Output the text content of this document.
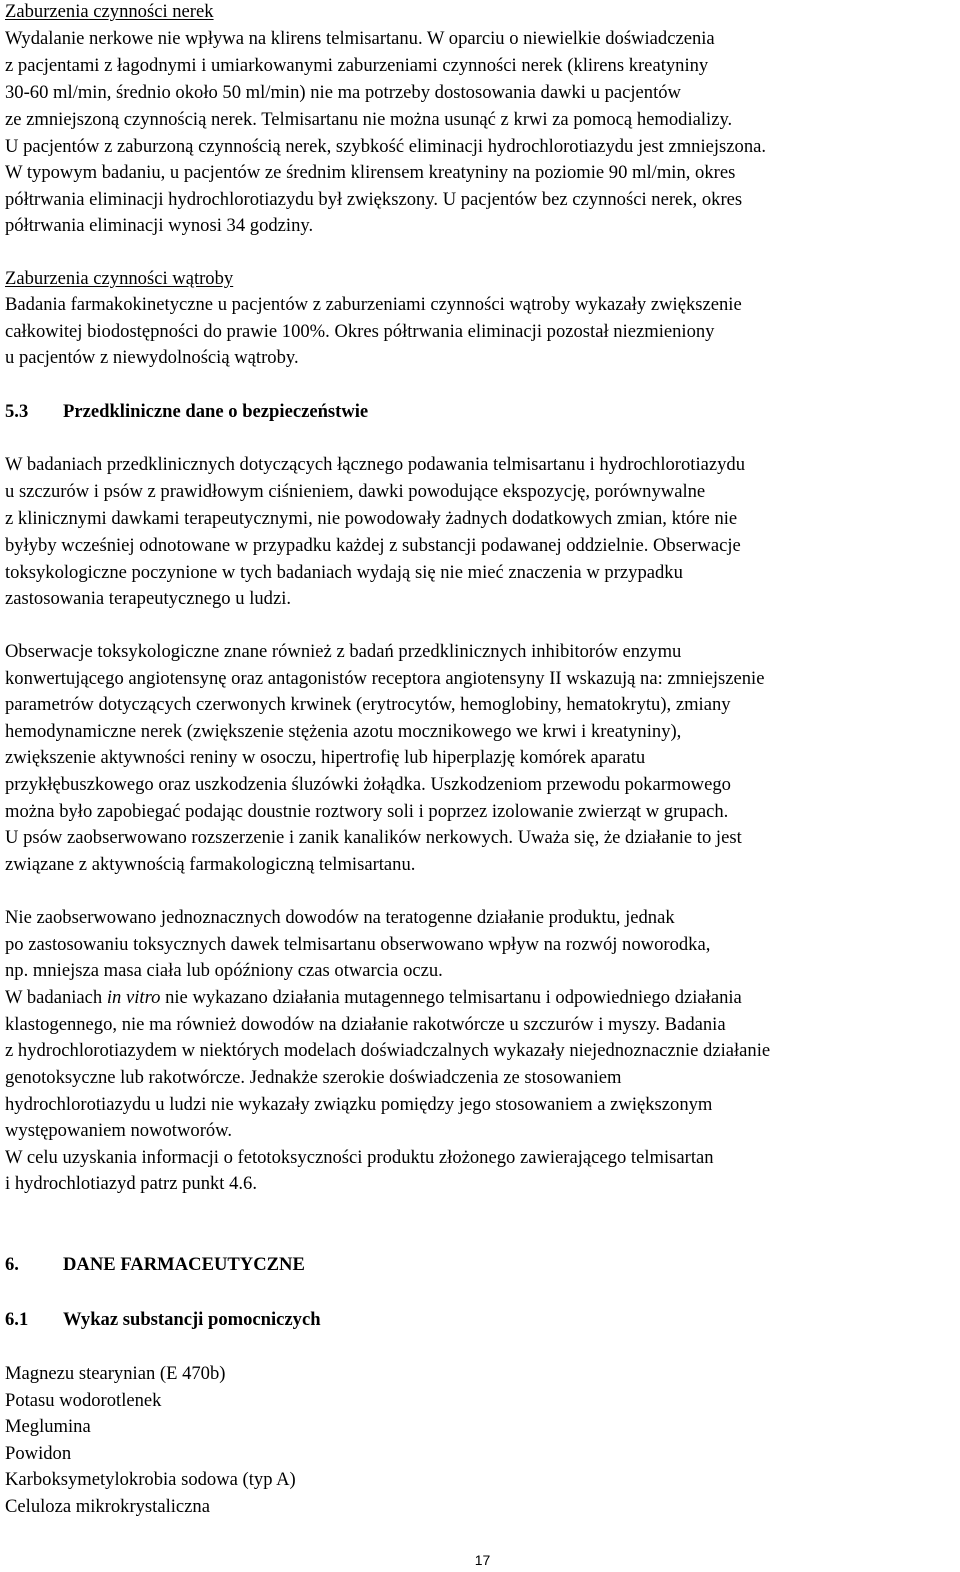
Zaburzenia czynności nerek
Wydalanie nerkowe nie wpływa na klirens telmisartanu. W oparciu o niewielkie doświadczenia
z pacjentami z łagodnymi i umiarkowanymi zaburzeniami czynności nerek (klirens kreatyniny
30-60 ml/min, średnio około 50 ml/min) nie ma potrzeby dostosowania dawki u pacjentów
ze zmniejszoną czynnością nerek. Telmisartanu nie można usunąć z krwi za pomocą hemodializy.
U pacjentów z zaburzoną czynnością nerek, szybkość eliminacji hydrochlorotiazydu jest zmniejszona.
W typowym badaniu, u pacjentów ze średnim klirensem kreatyniny na poziomie 90 ml/min, okres
półtrwania eliminacji hydrochlorotiazydu był zwiększony. U pacjentów bez czynności nerek, okres
półtrwania eliminacji wynosi 34 godziny.
Zaburzenia czynności wątroby
Badania farmakokinetyczne u pacjentów z zaburzeniami czynności wątroby wykazały zwiększenie
całkowitej biodostępności do prawie 100%. Okres półtrwania eliminacji pozostał niezmieniony
u pacjentów z niewydolnością wątroby.
5.3 Przedkliniczne dane o bezpieczeństwie
W badaniach przedklinicznych dotyczących łącznego podawania telmisartanu i hydrochlorotiazydu
u szczurów i psów z prawidłowym ciśnieniem, dawki powodujące ekspozycję, porównywalne
z klinicznymi dawkami terapeutycznymi, nie powodowały żadnych dodatkowych zmian, które nie
byłyby wcześniej odnotowane w przypadku każdej z substancji podawanej oddzielnie. Obserwacje
toksykologiczne poczynione w tych badaniach wydają się nie mieć znaczenia w przypadku
zastosowania terapeutycznego u ludzi.
Obserwacje toksykologiczne znane również z badań przedklinicznych inhibitorów enzymu
konwertującego angiotensynę oraz antagonistów receptora angiotensyny II wskazują na: zmniejszenie
parametrów dotyczących czerwonych krwinek (erytrocytów, hemoglobiny, hematokrytu), zmiany
hemodynamiczne nerek (zwiększenie stężenia azotu mocznikowego we krwi i kreatyniny),
zwiększenie aktywności reniny w osoczu, hipertrofię lub hiperplazję komórek aparatu
przykłębuszkowego oraz uszkodzenia śluzówki żołądka. Uszkodzeniom przewodu pokarmowego
można było zapobiegać podając doustnie roztwory soli i poprzez izolowanie zwierząt w grupach.
U psów zaobserwowano rozszerzenie i zanik kanalików nerkowych. Uważa się, że działanie to jest
związane z aktywnością farmakologiczną telmisartanu.
Nie zaobserwowano jednoznacznych dowodów na teratogenne działanie produktu, jednak
po zastosowaniu toksycznych dawek telmisartanu obserwowano wpływ na rozwój noworodka,
np. mniejsza masa ciała lub opóźniony czas otwarcia oczu.
W badaniach in vitro nie wykazano działania mutagennego telmisartanu i odpowiedniego działania
klastogennego, nie ma również dowodów na działanie rakotwórcze u szczurów i myszy. Badania
z hydrochlorotiazydem w niektórych modelach doświadczalnych wykazały niejednoznacznie działanie
genotoksyczne lub rakotwórcze. Jednakże szerokie doświadczenia ze stosowaniem
hydrochlorotiazydu u ludzi nie wykazały związku pomiędzy jego stosowaniem a zwiększonym
występowaniem nowotworów.
W celu uzyskania informacji o fetotoksyczności produktu złożonego zawierającego telmisartan
i hydrochlotiazyd patrz punkt 4.6.
6. DANE FARMACEUTYCZNE
6.1 Wykaz substancji pomocniczych
Magnezu stearynian (E 470b)
Potasu wodorotlenek
Meglumina
Powidon
Karboksymetylokrobia sodowa (typ A)
Celuloza mikrokrystaliczna
17
